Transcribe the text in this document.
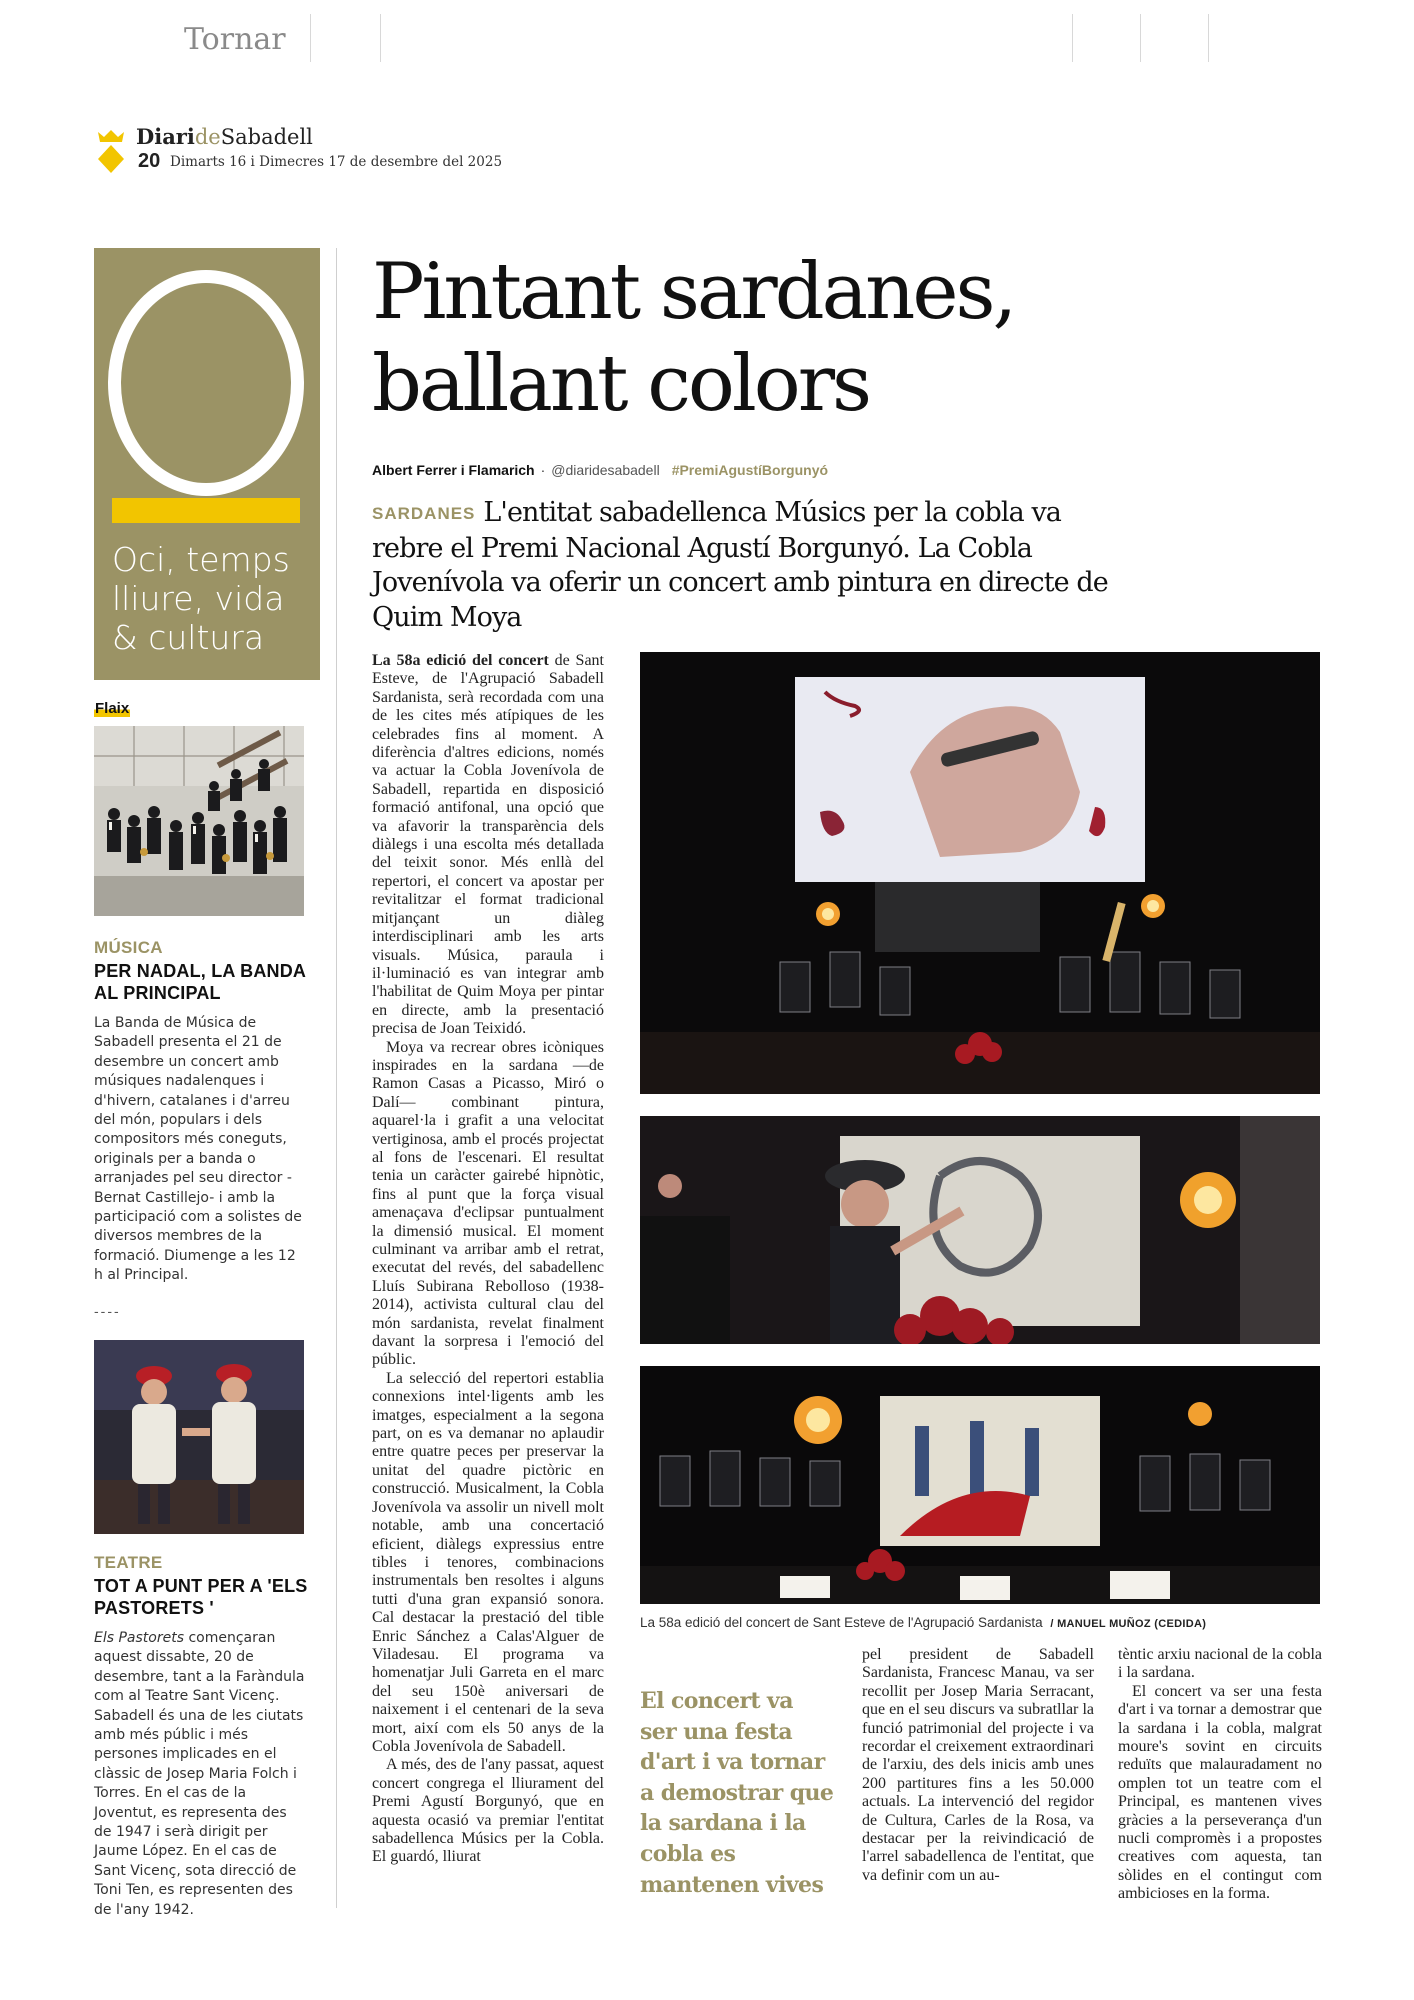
Tornar
DiarideSabadell
20 Dimarts 16 i Dimecres 17 de desembre del 2025
Oci, temps lliure, vida & cultura
Flaix
MÚSICA
PER NADAL, LA BANDA AL PRINCIPAL
La Banda de Música de Sabadell presenta el 21 de desembre un concert amb músiques nadalenques i d'hivern, catalanes i d'arreu del món, populars i dels compositors més coneguts, originals per a banda o arranjades pel seu director -Bernat Castillejo- i amb la participació com a solistes de diversos membres de la formació. Diumenge a les 12 h al Principal.
----
TEATRE
TOT A PUNT PER A 'ELS PASTORETS '
Els Pastorets començaran aquest dissabte, 20 de desembre, tant a la Faràndula com al Teatre Sant Vicenç. Sabadell és una de les ciutats amb més públic i més persones implicades en el clàssic de Josep Maria Folch i Torres. En el cas de la Joventut, es representa des de 1947 i serà dirigit per Jaume López. En el cas de Sant Vicenç, sota direcció de Toni Ten, es representen des de l'any 1942.
Pintant sardanes, ballant colors
Albert Ferrer i Flamarich · @diaridesabadell #PremiAgustíBorgunyó
SARDANES L'entitat sabadellenca Músics per la cobla va rebre el Premi Nacional Agustí Borgunyó. La Cobla Jovenívola va oferir un concert amb pintura en directe de Quim Moya

La 58a edició del concert de Sant Esteve, de l'Agrupació Sabadell Sardanista, serà recordada com una de les cites més atípiques de les celebrades fins al moment. A diferència d'altres edicions, només va actuar la Cobla Jovenívola de Sabadell, repartida en disposició formació antifonal, una opció que va afavorir la transparència dels diàlegs i una escolta més detallada del teixit sonor. Més enllà del repertori, el concert va apostar per revitalitzar el format tradicional mitjançant un diàleg interdisciplinari amb les arts visuals. Música, paraula i il·luminació es van integrar amb l'habilitat de Quim Moya per pintar en directe, amb la presentació precisa de Joan Teixidó.

Moya va recrear obres icòniques inspirades en la sardana —de Ramon Casas a Picasso, Miró o Dalí— combinant pintura, aquarel·la i grafit a una velocitat vertiginosa, amb el procés projectat al fons de l'escenari. El resultat tenia un caràcter gairebé hipnòtic, fins al punt que la força visual amenaçava d'eclipsar puntualment la dimensió musical. El moment culminant va arribar amb el retrat, executat del revés, del sabadellenc Lluís Subirana Rebolloso (1938-2014), activista cultural clau del món sardanista, revelat finalment davant la sorpresa i l'emoció del públic.

La selecció del repertori establia connexions intel·ligents amb les imatges, especialment a la segona part, on es va demanar no aplaudir entre quatre peces per preservar la unitat del quadre pictòric en construcció. Musicalment, la Cobla Jovenívola va assolir un nivell molt notable, amb una concertació eficient, diàlegs expressius entre tibles i tenores, combinacions instrumentals ben resoltes i alguns tutti d'una gran expansió sonora. Cal destacar la prestació del tible Enric Sánchez a Calas'Alguer de Viladesau. El programa va homenatjar Juli Garreta en el marc del seu 150è aniversari de naixement i el centenari de la seva mort, així com els 50 anys de la Cobla Jovenívola de Sabadell.

A més, des de l'any passat, aquest concert congrega el lliurament del Premi Agustí Borgunyó, que en aquesta ocasió va premiar l'entitat sabadellenca Músics per la Cobla. El guardó, lliurat

La 58a edició del concert de Sant Esteve de l'Agrupació Sardanista / MANUEL MUÑOZ (CEDIDA)
El concert va ser una festa d'art i va tornar a demostrar que la sardana i la cobla es mantenen vives

pel president de Sabadell Sardanista, Francesc Manau, va ser recollit per Josep Maria Serracant, que en el seu discurs va subratllar la funció patrimonial del projecte i va recordar el creixement extraordinari de l'arxiu, des dels inicis amb unes 200 partitures fins a les 50.000 actuals. La intervenció del regidor de Cultura, Carles de la Rosa, va destacar per la reivindicació de l'arrel sabadellenca de l'entitat, que va definir com un au-

tèntic arxiu nacional de la cobla i la sardana.

El concert va ser una festa d'art i va tornar a demostrar que la sardana i la cobla, malgrat moure's sovint en circuits reduïts que malauradament no omplen tot un teatre com el Principal, es mantenen vives gràcies a la perseverança d'un nucli compromès i a propostes creatives com aquesta, tan sòlides en el contingut com ambicioses en la forma.
